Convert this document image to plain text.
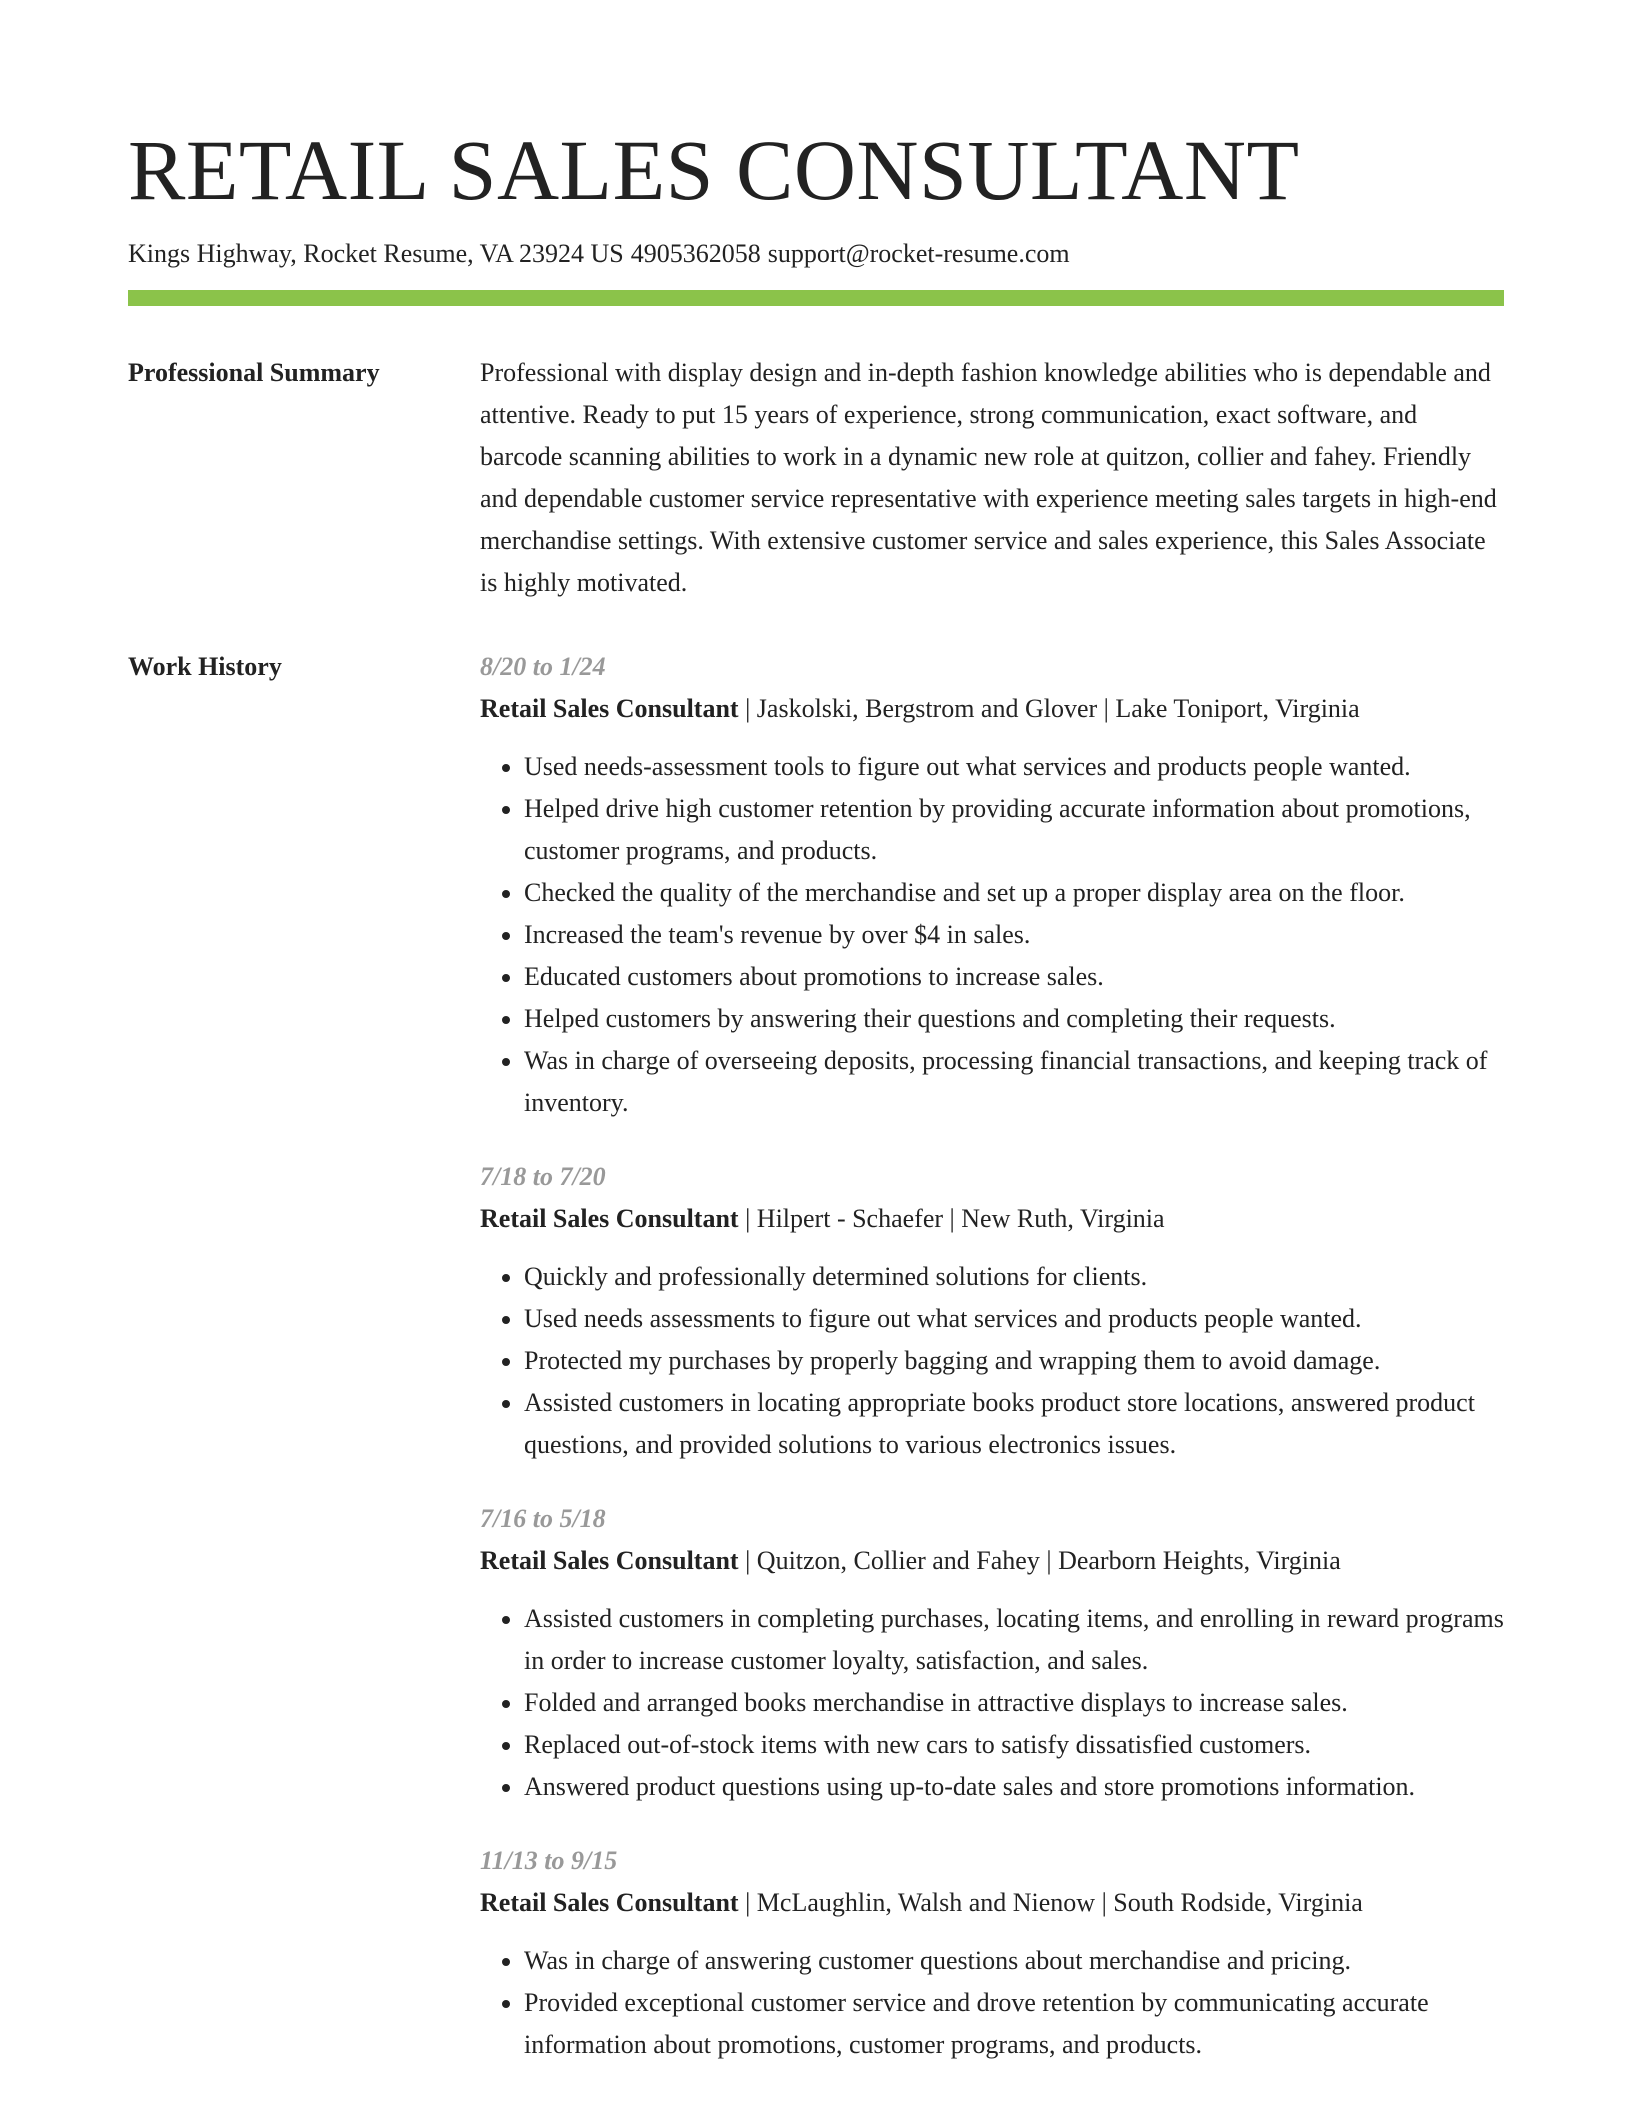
RETAIL SALES CONSULTANT
Kings Highway, Rocket Resume, VA 23924 US 4905362058 support@rocket-resume.com
Professional Summary	Professional with display design and in-depth fashion knowledge abilities who is dependable and attentive. Ready to put 15 years of experience, strong communication, exact software, and barcode scanning abilities to work in a dynamic new role at quitzon, collier and fahey. Friendly and dependable customer service representative with experience meeting sales targets in high-end merchandise settings. With extensive customer service and sales experience, this Sales Associate is highly motivated.

Work History	8/20 to 1/24
Retail Sales Consultant | Jaskolski, Bergstrom and Glover | Lake Toniport, Virginia
• Used needs-assessment tools to figure out what services and products people wanted.
• Helped drive high customer retention by providing accurate information about promotions, customer programs, and products.
• Checked the quality of the merchandise and set up a proper display area on the floor.
• Increased the team's revenue by over $4 in sales.
• Educated customers about promotions to increase sales.
• Helped customers by answering their questions and completing their requests.
• Was in charge of overseeing deposits, processing financial transactions, and keeping track of inventory.
7/18 to 7/20
Retail Sales Consultant | Hilpert - Schaefer | New Ruth, Virginia
• Quickly and professionally determined solutions for clients.
• Used needs assessments to figure out what services and products people wanted.
• Protected my purchases by properly bagging and wrapping them to avoid damage.
• Assisted customers in locating appropriate books product store locations, answered product questions, and provided solutions to various electronics issues.
7/16 to 5/18
Retail Sales Consultant | Quitzon, Collier and Fahey | Dearborn Heights, Virginia
• Assisted customers in completing purchases, locating items, and enrolling in reward programs in order to increase customer loyalty, satisfaction, and sales.
• Folded and arranged books merchandise in attractive displays to increase sales.
• Replaced out-of-stock items with new cars to satisfy dissatisfied customers.
• Answered product questions using up-to-date sales and store promotions information.
11/13 to 9/15
Retail Sales Consultant | McLaughlin, Walsh and Nienow | South Rodside, Virginia
• Was in charge of answering customer questions about merchandise and pricing.
• Provided exceptional customer service and drove retention by communicating accurate information about promotions, customer programs, and products.
